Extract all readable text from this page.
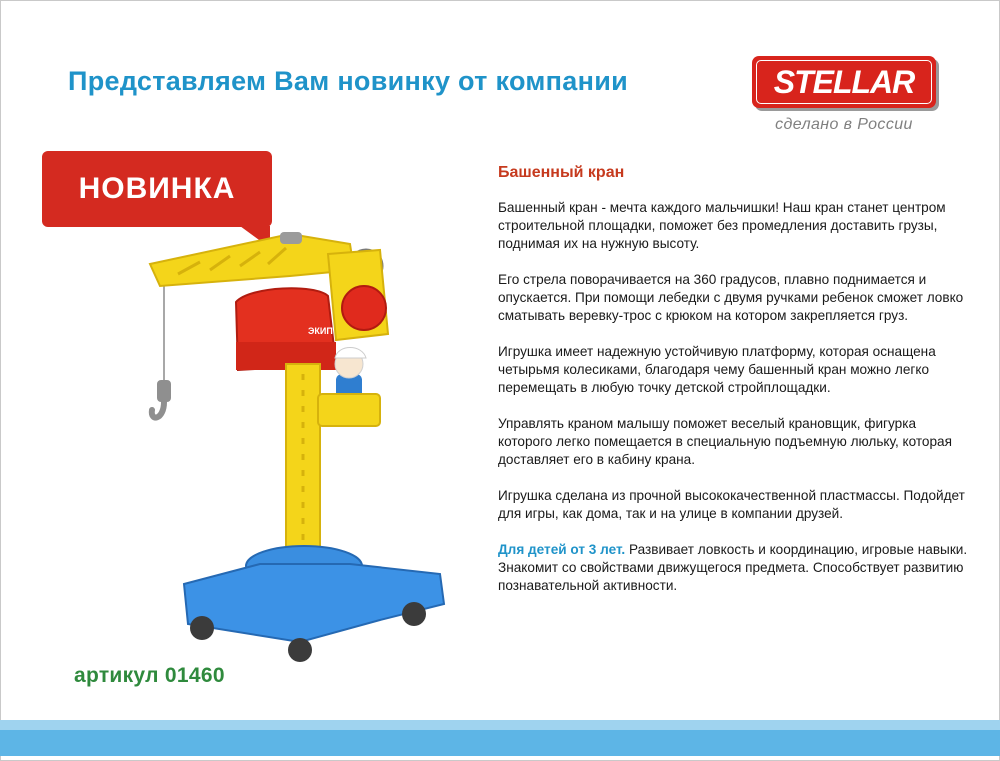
Представляем Вам новинку от компании	STELLAR
сделано в России
НОВИНКА
ЭКИП
артикул 01460
Башенный кран

Башенный кран - мечта каждого мальчишки! Наш кран станет центром строительной площадки, поможет без промедления доставить грузы, поднимая их на нужную высоту.

Его стрела поворачивается на 360 градусов, плавно поднимается и опускается. При помощи лебедки с двумя ручками ребенок сможет ловко сматывать веревку-трос с крюком на котором закрепляется груз.

Игрушка имеет надежную устойчивую платформу, которая оснащена четырьмя колесиками, благодаря чему башенный кран можно легко перемещать в любую точку детской стройплощадки.

Управлять краном малышу поможет веселый крановщик, фигурка которого легко помещается в специальную подъемную люльку, которая доставляет его в кабину крана.

Игрушка сделана из прочной высококачественной пластмассы. Подойдет для игры, как дома, так и на улице в компании друзей.

Для детей от 3 лет. Развивает ловкость и координацию, игровые навыки. Знакомит со свойствами движущегося предмета. Способствует развитию познавательной активности.
